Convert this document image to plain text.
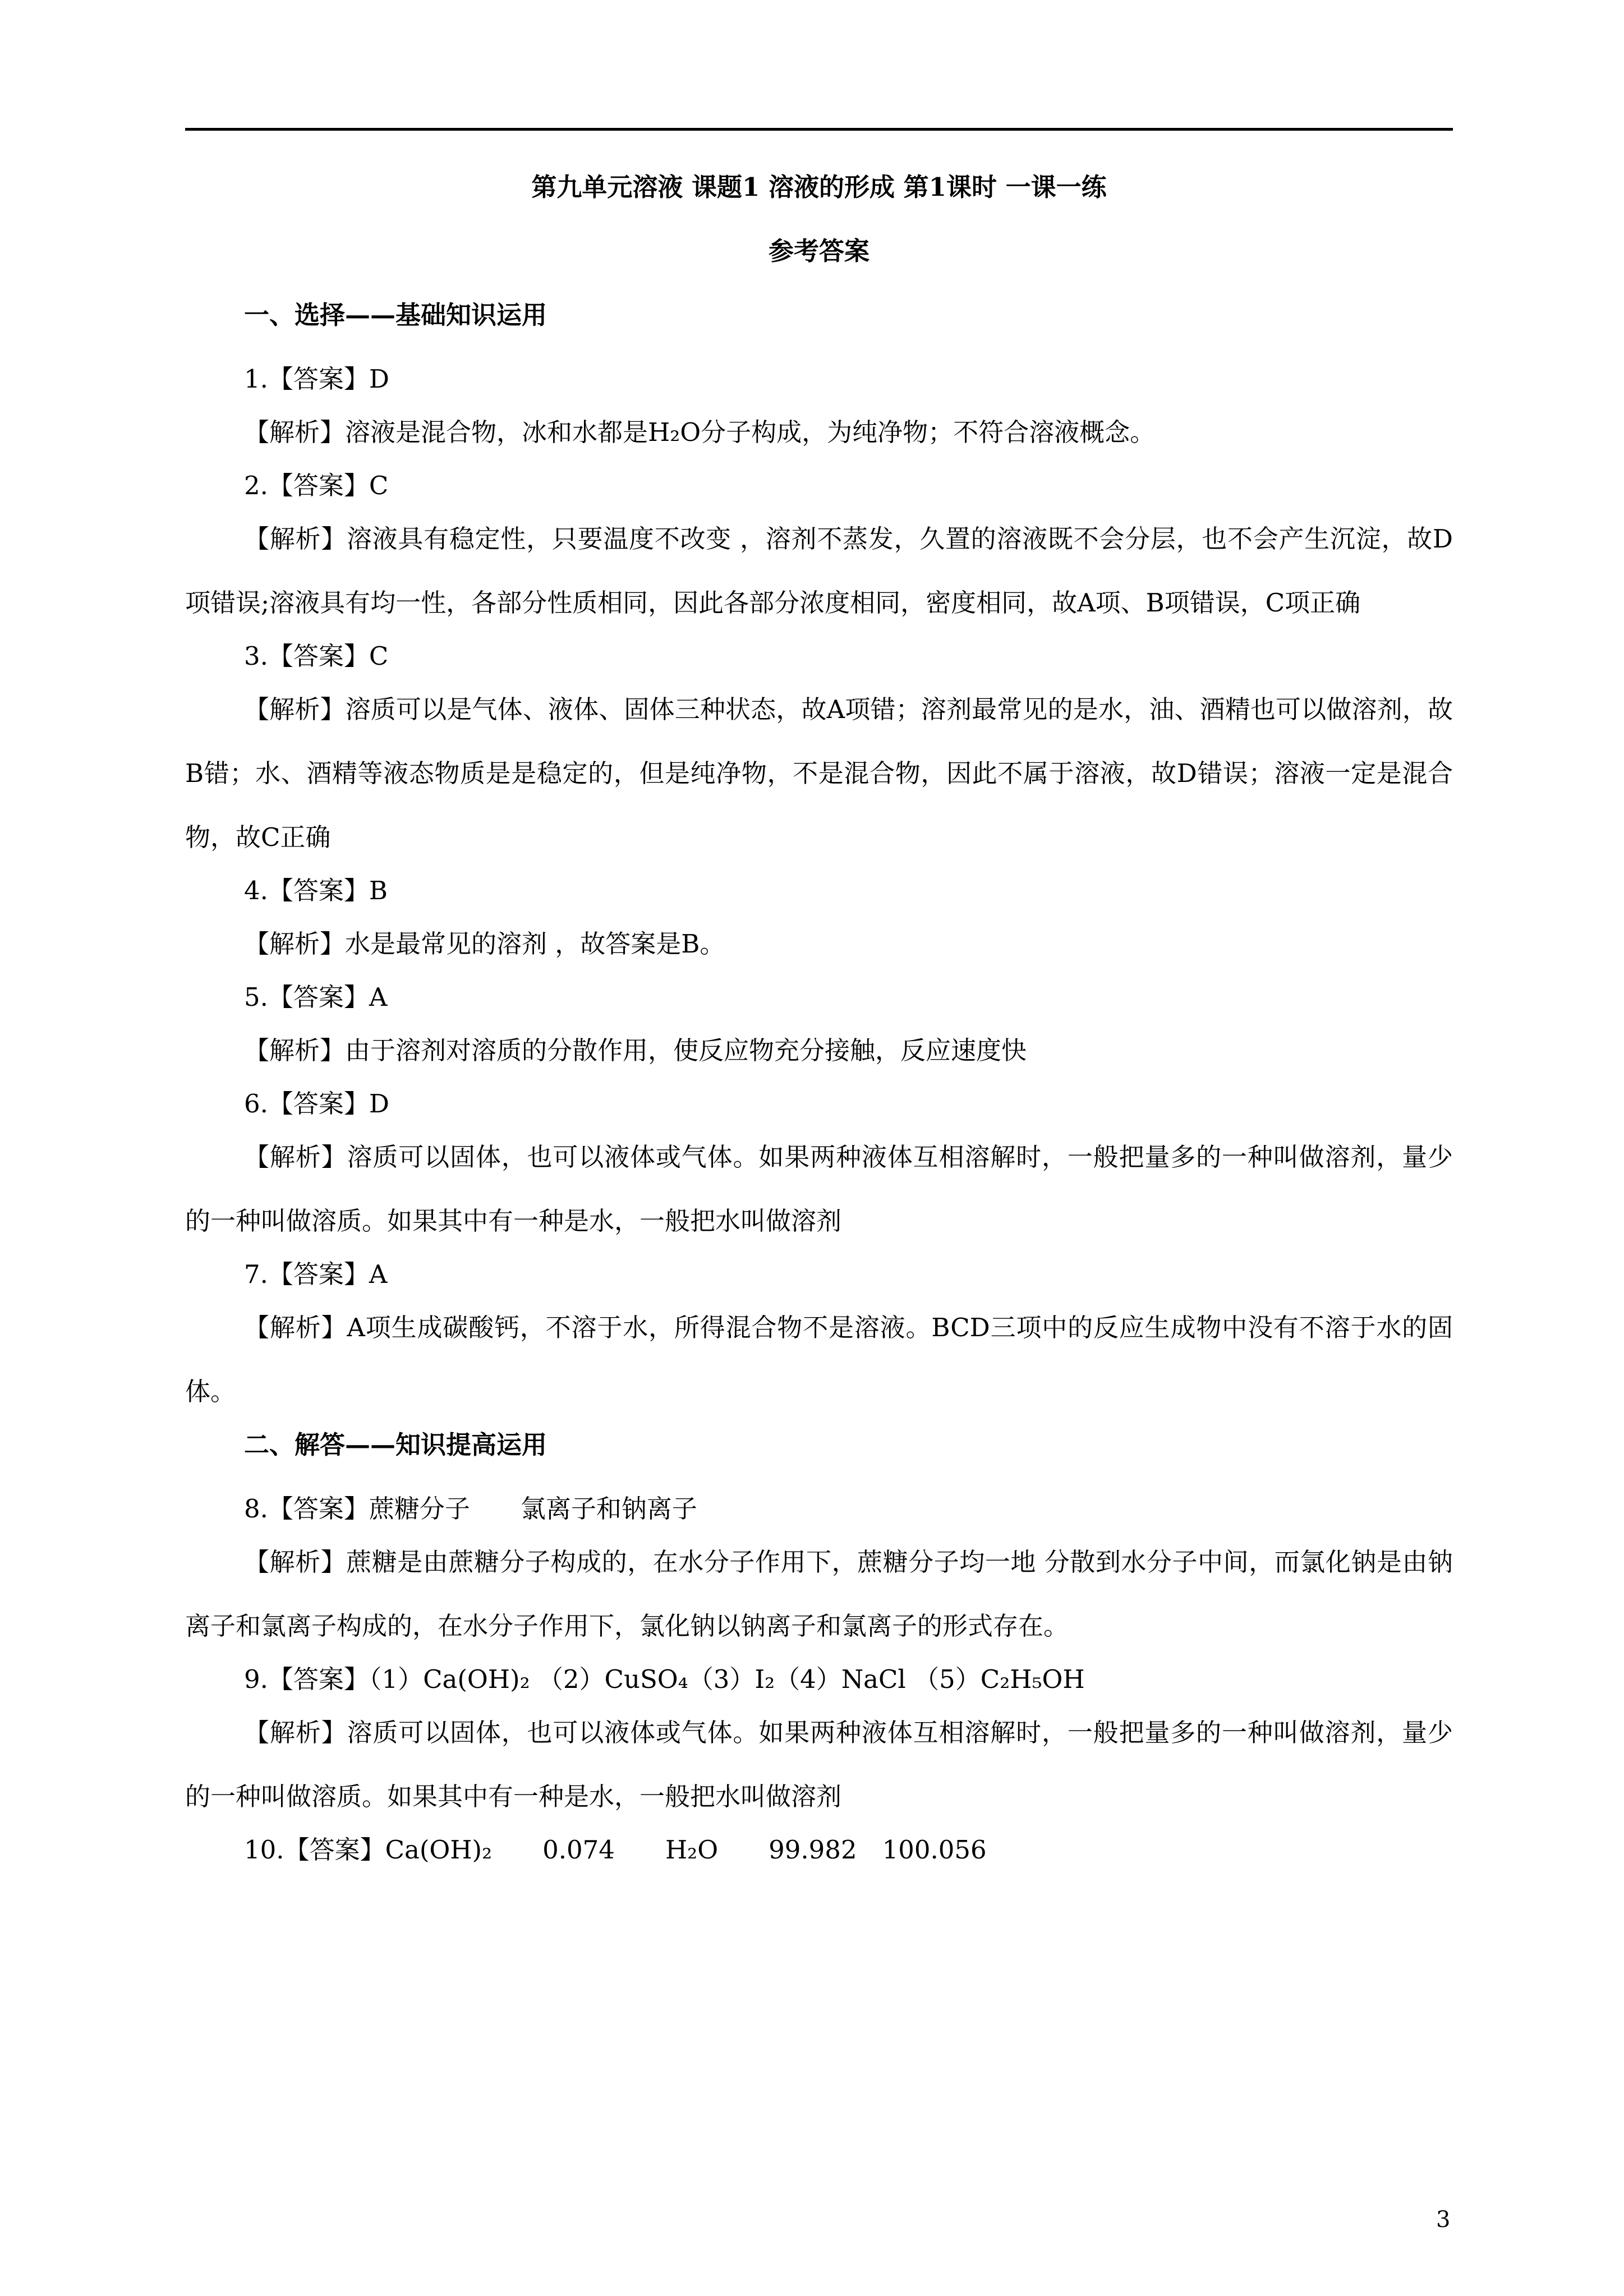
第九单元溶液 课题1 溶液的形成 第1课时 一课一练

参考答案

一、选择——基础知识运用

1.【答案】D

【解析】溶液是混合物，冰和水都是H₂O分子构成，为纯净物；不符合溶液概念。

2.【答案】C

【解析】溶液具有稳定性，只要温度不改变 ，溶剂不蒸发，久置的溶液既不会分层，也不会产生沉淀，故D项错误;溶液具有均一性，各部分性质相同，因此各部分浓度相同，密度相同，故A项、B项错误，C项正确

3.【答案】C

【解析】溶质可以是气体、液体、固体三种状态，故A项错；溶剂最常见的是水，油、酒精也可以做溶剂，故B错；水、酒精等液态物质是是稳定的，但是纯净物，不是混合物，因此不属于溶液，故D错误；溶液一定是混合物，故C正确

4.【答案】B

【解析】水是最常见的溶剂 ，故答案是B。

5.【答案】A

【解析】由于溶剂对溶质的分散作用，使反应物充分接触，反应速度快

6.【答案】D

【解析】溶质可以固体，也可以液体或气体。如果两种液体互相溶解时，一般把量多的一种叫做溶剂，量少的一种叫做溶质。如果其中有一种是水，一般把水叫做溶剂

7.【答案】A

【解析】A项生成碳酸钙，不溶于水，所得混合物不是溶液。BCD三项中的反应生成物中没有不溶于水的固体。

二、解答——知识提高运用

8.【答案】蔗糖分子　　氯离子和钠离子

【解析】蔗糖是由蔗糖分子构成的，在水分子作用下，蔗糖分子均一地 分散到水分子中间，而氯化钠是由钠离子和氯离子构成的，在水分子作用下，氯化钠以钠离子和氯离子的形式存在。

9.【答案】（1）Ca(OH)₂ （2）CuSO₄（3）I₂（4）NaCl （5）C₂H₅OH

【解析】溶质可以固体，也可以液体或气体。如果两种液体互相溶解时，一般把量多的一种叫做溶剂，量少的一种叫做溶质。如果其中有一种是水，一般把水叫做溶剂

10.【答案】Ca(OH)₂　　0.074　　H₂O　　99.982　100.056

3
